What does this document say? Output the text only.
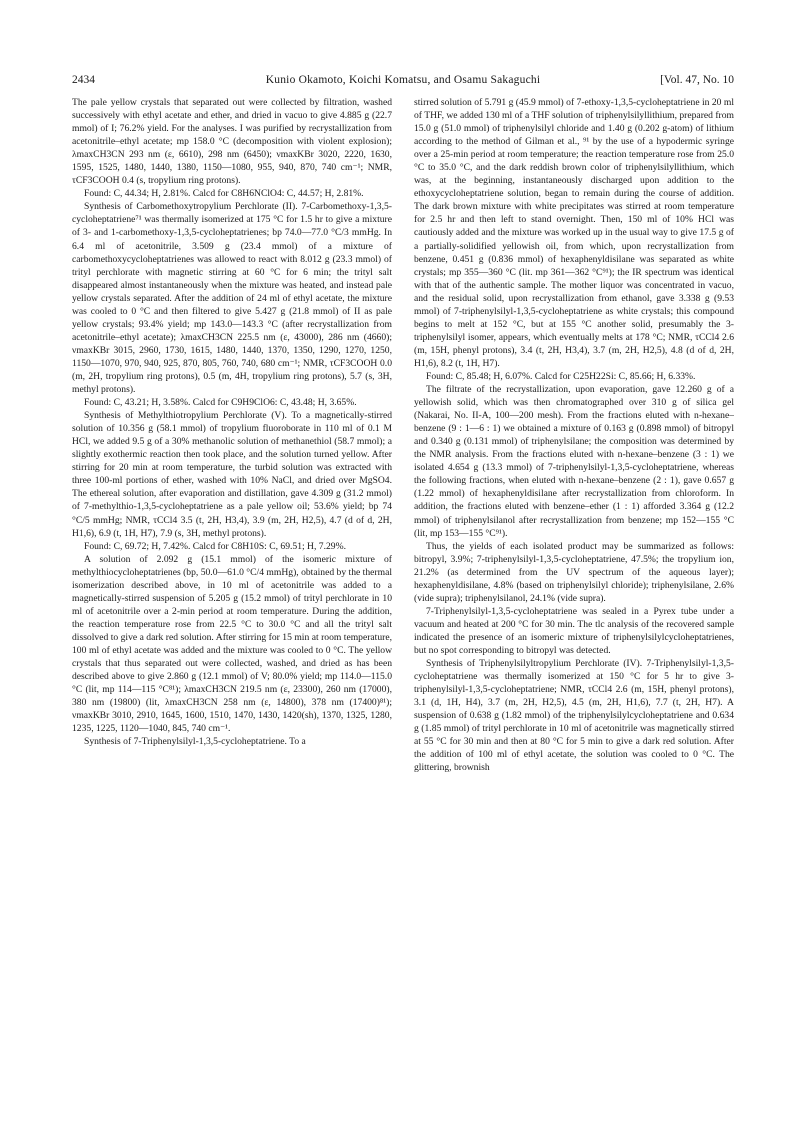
2434	Kunio Okamoto, Koichi Komatsu, and Osamu Sakaguchi	[Vol. 47, No. 10

The pale yellow crystals that separated out were collected by filtration, washed successively with ethyl acetate and ether, and dried in vacuo to give 4.885 g (22.7 mmol) of I; 76.2% yield. For the analyses. I was purified by recrystallization from acetonitrile–ethyl acetate; mp 158.0 °C (decomposition with violent explosion); λmaxCH3CN 293 nm (ε, 6610), 298 nm (6450); νmaxKBr 3020, 2220, 1630, 1595, 1525, 1480, 1440, 1380, 1150—1080, 955, 940, 870, 740 cm⁻¹; NMR, τCF3COOH 0.4 (s, tropylium ring protons).

Found: C, 44.34; H, 2.81%. Calcd for C8H6NClO4: C, 44.57; H, 2.81%.

Synthesis of Carbomethoxytropylium Perchlorate (II). 7-Carbomethoxy-1,3,5-cycloheptatriene⁷¹ was thermally isomerized at 175 °C for 1.5 hr to give a mixture of 3- and 1-carbomethoxy-1,3,5-cycloheptatrienes; bp 74.0—77.0 °C/3 mmHg. In 6.4 ml of acetonitrile, 3.509 g (23.4 mmol) of a mixture of carbomethoxycycloheptatrienes was allowed to react with 8.012 g (23.3 mmol) of trityl perchlorate with magnetic stirring at 60 °C for 6 min; the trityl salt disappeared almost instantaneously when the mixture was heated, and instead pale yellow crystals separated. After the addition of 24 ml of ethyl acetate, the mixture was cooled to 0 °C and then filtered to give 5.427 g (21.8 mmol) of II as pale yellow crystals; 93.4% yield; mp 143.0—143.3 °C (after recrystallization from acetonitrile–ethyl acetate); λmaxCH3CN 225.5 nm (ε, 43000), 286 nm (4660); νmaxKBr 3015, 2960, 1730, 1615, 1480, 1440, 1370, 1350, 1290, 1270, 1250, 1150—1070, 970, 940, 925, 870, 805, 760, 740, 680 cm⁻¹; NMR, τCF3COOH 0.0 (m, 2H, tropylium ring protons), 0.5 (m, 4H, tropylium ring protons), 5.7 (s, 3H, methyl protons).

Found: C, 43.21; H, 3.58%. Calcd for C9H9ClO6: C, 43.48; H, 3.65%.

Synthesis of Methylthiotropylium Perchlorate (V). To a magnetically-stirred solution of 10.356 g (58.1 mmol) of tropylium fluoroborate in 110 ml of 0.1 M HCl, we added 9.5 g of a 30% methanolic solution of methanethiol (58.7 mmol); a slightly exothermic reaction then took place, and the solution turned yellow. After stirring for 20 min at room temperature, the turbid solution was extracted with three 100-ml portions of ether, washed with 10% NaCl, and dried over MgSO4. The ethereal solution, after evaporation and distillation, gave 4.309 g (31.2 mmol) of 7-methylthio-1,3,5-cycloheptatriene as a pale yellow oil; 53.6% yield; bp 74 °C/5 mmHg; NMR, τCCl4 3.5 (t, 2H, H3,4), 3.9 (m, 2H, H2,5), 4.7 (d of d, 2H, H1,6), 6.9 (t, 1H, H7), 7.9 (s, 3H, methyl protons).

Found: C, 69.72; H, 7.42%. Calcd for C8H10S: C, 69.51; H, 7.29%.

A solution of 2.092 g (15.1 mmol) of the isomeric mixture of methylthiocycloheptatrienes (bp, 50.0—61.0 °C/4 mmHg), obtained by the thermal isomerization described above, in 10 ml of acetonitrile was added to a magnetically-stirred suspension of 5.205 g (15.2 mmol) of trityl perchlorate in 10 ml of acetonitrile over a 2-min period at room temperature. During the addition, the reaction temperature rose from 22.5 °C to 30.0 °C and all the trityl salt dissolved to give a dark red solution. After stirring for 15 min at room temperature, 100 ml of ethyl acetate was added and the mixture was cooled to 0 °C. The yellow crystals that thus separated out were collected, washed, and dried as has been described above to give 2.860 g (12.1 mmol) of V; 80.0% yield; mp 114.0—115.0 °C (lit, mp 114—115 °C⁸¹); λmaxCH3CN 219.5 nm (ε, 23300), 260 nm (17000), 380 nm (19800) (lit, λmaxCH3CN 258 nm (ε, 14800), 378 nm (17400)⁸¹); νmaxKBr 3010, 2910, 1645, 1600, 1510, 1470, 1430, 1420(sh), 1370, 1325, 1280, 1235, 1225, 1120—1040, 845, 740 cm⁻¹.

Synthesis of 7-Triphenylsilyl-1,3,5-cycloheptatriene. To a

stirred solution of 5.791 g (45.9 mmol) of 7-ethoxy-1,3,5-cycloheptatriene in 20 ml of THF, we added 130 ml of a THF solution of triphenylsilyllithium, prepared from 15.0 g (51.0 mmol) of triphenylsilyl chloride and 1.40 g (0.202 g-atom) of lithium according to the method of Gilman et al., ⁹¹ by the use of a hypodermic syringe over a 25-min period at room temperature; the reaction temperature rose from 25.0 °C to 35.0 °C, and the dark reddish brown color of triphenylsilyllithium, which was, at the beginning, instantaneously discharged upon addition to the ethoxycycloheptatriene solution, began to remain during the course of addition. The dark brown mixture with white precipitates was stirred at room temperature for 2.5 hr and then left to stand overnight. Then, 150 ml of 10% HCl was cautiously added and the mixture was worked up in the usual way to give 17.5 g of a partially-solidified yellowish oil, from which, upon recrystallization from benzene, 0.451 g (0.836 mmol) of hexaphenyldisilane was separated as white crystals; mp 355—360 °C (lit. mp 361—362 °C⁹¹); the IR spectrum was identical with that of the authentic sample. The mother liquor was concentrated in vacuo, and the residual solid, upon recrystallization from ethanol, gave 3.338 g (9.53 mmol) of 7-triphenylsilyl-1,3,5-cycloheptatriene as white crystals; this compound begins to melt at 152 °C, but at 155 °C another solid, presumably the 3-triphenylsilyl isomer, appears, which eventually melts at 178 °C; NMR, τCCl4 2.6 (m, 15H, phenyl protons), 3.4 (t, 2H, H3,4), 3.7 (m, 2H, H2,5), 4.8 (d of d, 2H, H1,6), 8.2 (t, 1H, H7).

Found: C, 85.48; H, 6.07%. Calcd for C25H22Si: C, 85.66; H, 6.33%.

The filtrate of the recrystallization, upon evaporation, gave 12.260 g of a yellowish solid, which was then chromatographed over 310 g of silica gel (Nakarai, No. II-A, 100—200 mesh). From the fractions eluted with n-hexane–benzene (9 : 1—6 : 1) we obtained a mixture of 0.163 g (0.898 mmol) of bitropyl and 0.340 g (0.131 mmol) of triphenylsilane; the composition was determined by the NMR analysis. From the fractions eluted with n-hexane–benzene (3 : 1) we isolated 4.654 g (13.3 mmol) of 7-triphenylsilyl-1,3,5-cycloheptatriene, whereas the following fractions, when eluted with n-hexane–benzene (2 : 1), gave 0.657 g (1.22 mmol) of hexaphenyldisilane after recrystallization from chloroform. In addition, the fractions eluted with benzene–ether (1 : 1) afforded 3.364 g (12.2 mmol) of triphenylsilanol after recrystallization from benzene; mp 152—155 °C (lit, mp 153—155 °C⁹¹).

Thus, the yields of each isolated product may be summarized as follows: bitropyl, 3.9%; 7-triphenylsilyl-1,3,5-cycloheptatriene, 47.5%; the tropylium ion, 21.2% (as determined from the UV spectrum of the aqueous layer); hexaphenyldisilane, 4.8% (based on triphenylsilyl chloride); triphenylsilane, 2.6% (vide supra); triphenylsilanol, 24.1% (vide supra).

7-Triphenylsilyl-1,3,5-cycloheptatriene was sealed in a Pyrex tube under a vacuum and heated at 200 °C for 30 min. The tlc analysis of the recovered sample indicated the presence of an isomeric mixture of triphenylsilylcycloheptatrienes, but no spot corresponding to bitropyl was detected.

Synthesis of Triphenylsilyltropylium Perchlorate (IV). 7-Triphenylsilyl-1,3,5-cycloheptatriene was thermally isomerized at 150 °C for 5 hr to give 3-triphenylsilyl-1,3,5-cycloheptatriene; NMR, τCCl4 2.6 (m, 15H, phenyl protons), 3.1 (d, 1H, H4), 3.7 (m, 2H, H2,5), 4.5 (m, 2H, H1,6), 7.7 (t, 2H, H7). A suspension of 0.638 g (1.82 mmol) of the triphenylsilylcycloheptatriene and 0.634 g (1.85 mmol) of trityl perchlorate in 10 ml of acetonitrile was magnetically stirred at 55 °C for 30 min and then at 80 °C for 5 min to give a dark red solution. After the addition of 100 ml of ethyl acetate, the solution was cooled to 0 °C. The glittering, brownish
